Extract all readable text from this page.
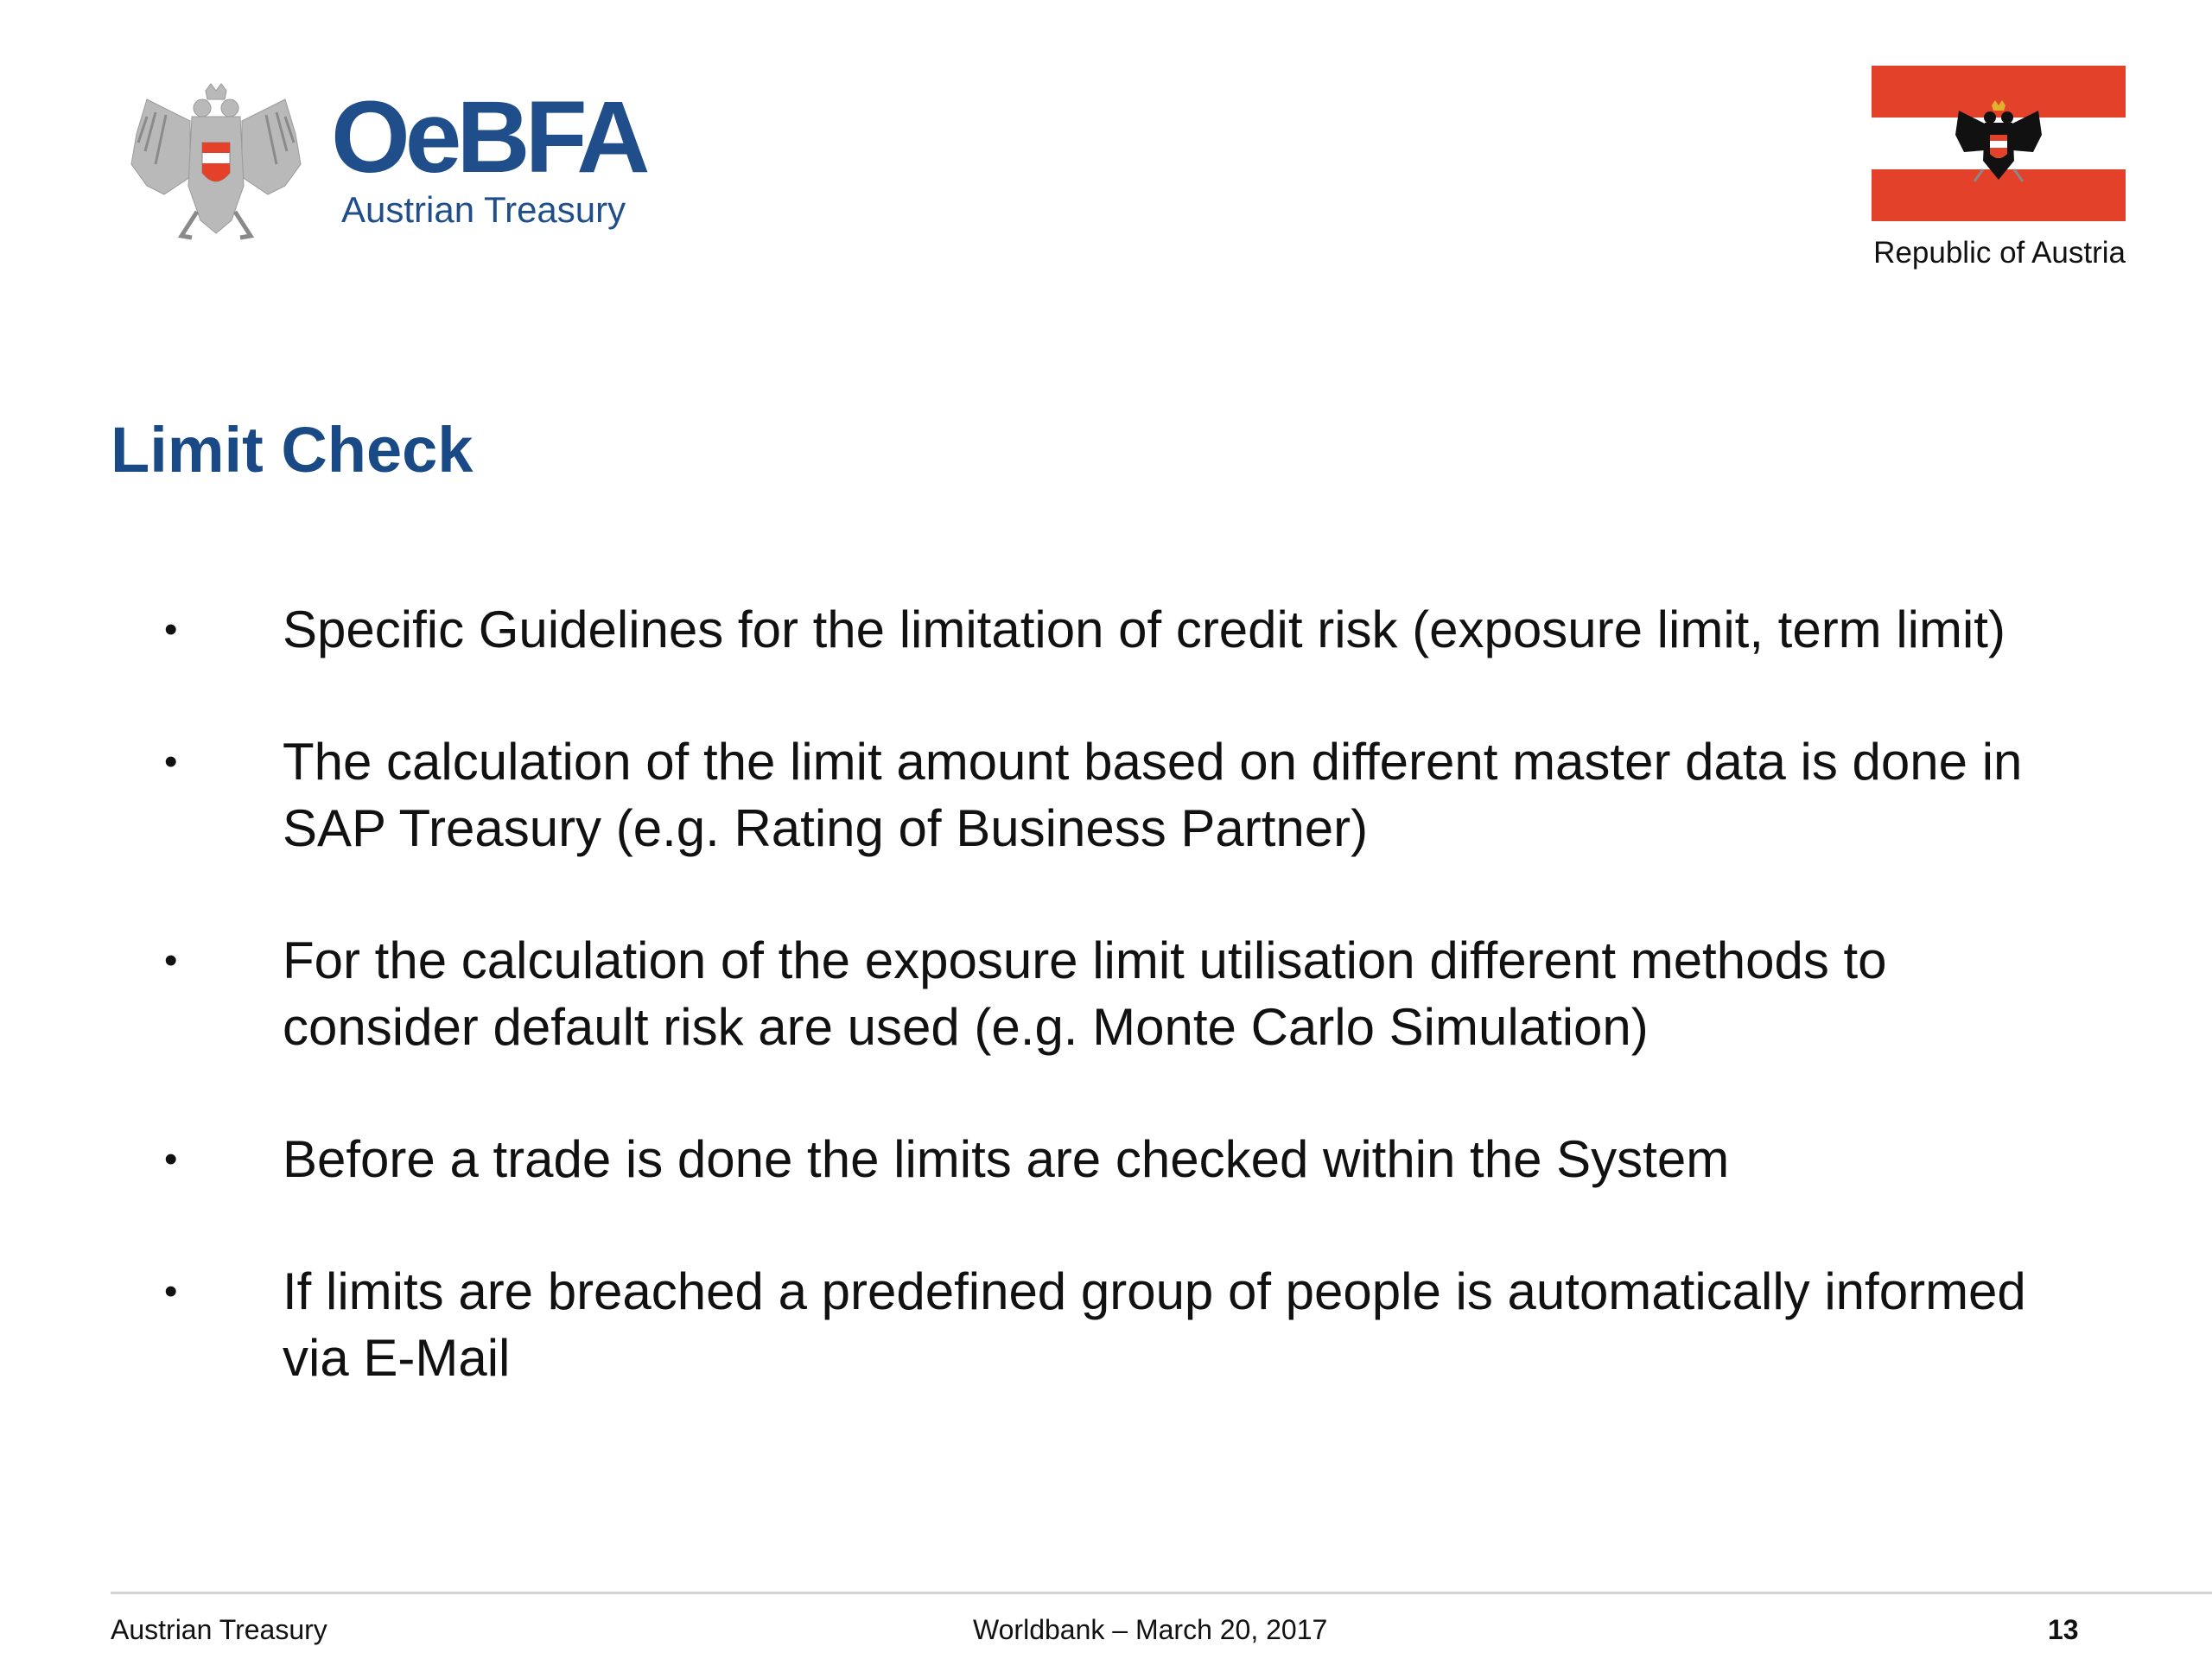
OeBFA
Austrian Treasury
Republic of Austria
Limit Check
• Specific Guidelines for the limitation of credit risk (exposure limit, term limit)
• The calculation of the limit amount based on different master data is done in SAP Treasury (e.g. Rating of Business Partner)
• For the calculation of the exposure limit utilisation different methods to consider default risk are used (e.g. Monte Carlo Simulation)
• Before a trade is done the limits are checked within the System
• If limits are breached a predefined group of people is automatically informed via E-Mail
Austrian Treasury	Worldbank – March 20, 2017	13
